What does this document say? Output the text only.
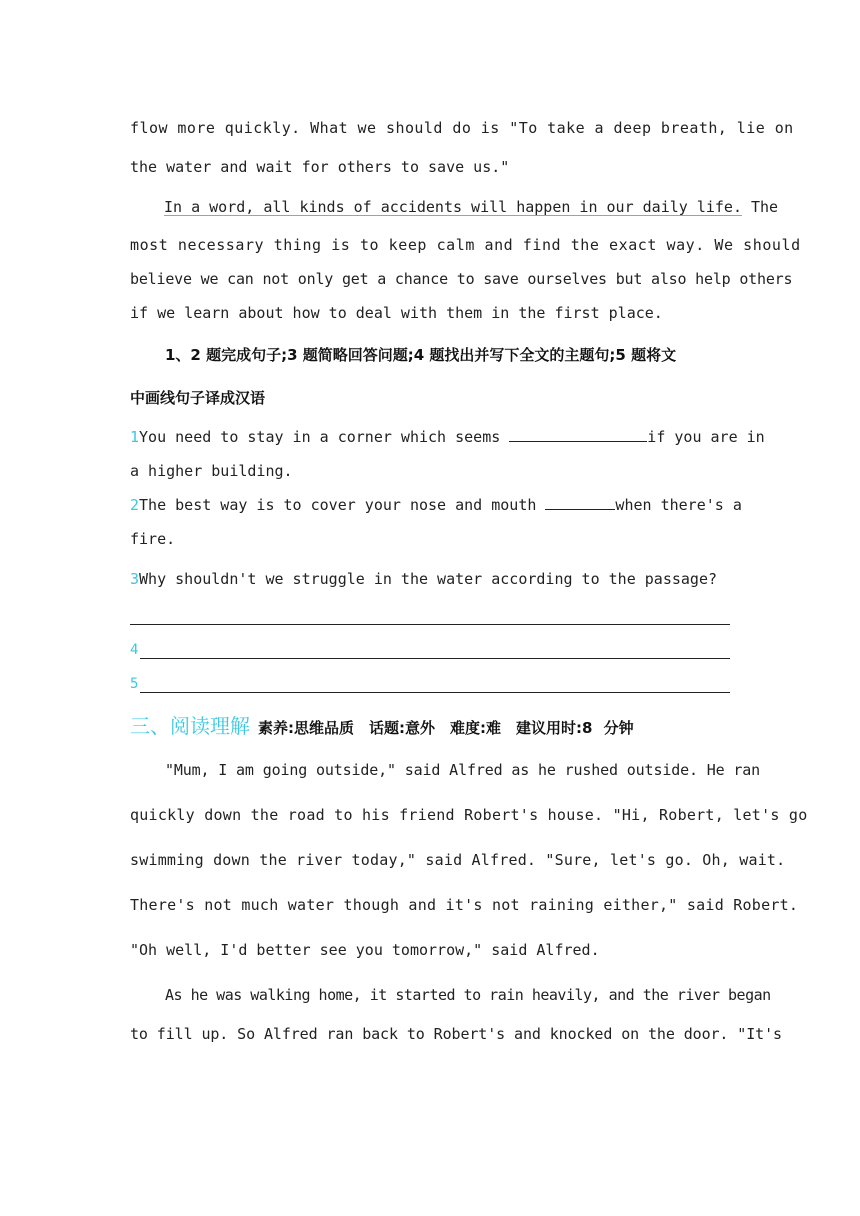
flow more quickly. What we should do is "To take a deep breath, lie on
the water and wait for others to save us."
In a word, all kinds of accidents will happen in our daily life. The
most necessary thing is to keep calm and find the exact way. We should
believe we can not only get a chance to save ourselves but also help others
if we learn about how to deal with them in the first place.
1、2 题完成句子;3 题简略回答问题;4 题找出并写下全文的主题句;5 题将文
中画线句子译成汉语
1You need to stay in a corner which seems	if you are in
a higher building.
2The best way is to cover your nose and mouth	when there's a
fire.
3Why shouldn't we struggle in the water according to the passage?
4
5
三、阅读理解 素养:思维品质　话题:意外　难度:难　建议用时:8 分钟
"Mum, I am going outside," said Alfred as he rushed outside. He ran
quickly down the road to his friend Robert's house. "Hi, Robert, let's go
swimming down the river today," said Alfred. "Sure, let's go. Oh, wait.
There's not much water though and it's not raining either," said Robert.
"Oh well, I'd better see you tomorrow," said Alfred.
As he was walking home, it started to rain heavily, and the river began
to fill up. So Alfred ran back to Robert's and knocked on the door. "It's
